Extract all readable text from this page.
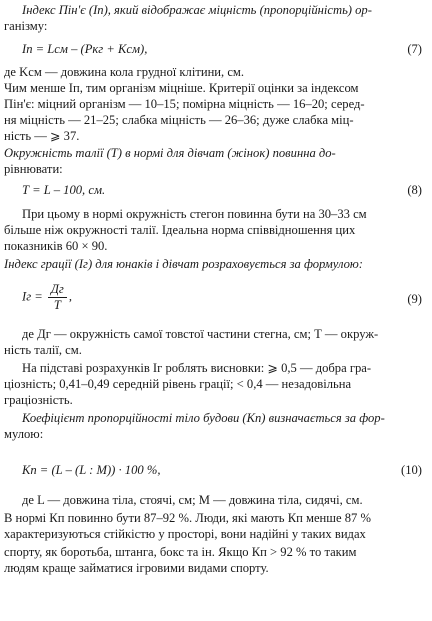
Індекс Пін'є (Iп), який відображає міцність (пропорційність) ор-
ганізму:
Iп = Lсм – (Ркг + Kсм),	(7)
де Kсм — довжина кола грудної клітини, см.
Чим менше Iп, тим організм міцніше. Критерії оцінки за індексом
Пін'є: міцний організм — 10–15; помірна міцність — 16–20; серед-
ня міцність — 21–25; слабка міцність — 26–36; дуже слабка міц-
ність — ⩾ 37.
Окружність талії (Т) в нормі для дівчат (жінок) повинна до-
рівнювати:
Т = L – 100, см.	(8)
При цьому в нормі окружність стегон повинна бути на 30–33 см
більше ніж окружності талії. Ідеальна норма співвідношення цих
показників 60 × 90.
Індекс грації (Iг) для юнаків і дівчат розраховується за формулою:
Iг = $\frac{Дг}{Т}$ ,	(9)
де Дг — окружність самої товстої частини стегна, см; Т — окруж-
ність талії, см.
На підставі розрахунків Iг роблять висновки: ⩾ 0,5 — добра гра-
ціозність; 0,41–0,49 середній рівень грації; < 0,4 — незадовільна
граціозність.
Коефіцієнт пропорційності тіло будови (Кп) визначається за фор-
мулою:
Кп = (L – (L : M)) · 100 %,	(10)
де L — довжина тіла, стоячі, см; M — довжина тіла, сидячі, см.
В нормі Кп повинно бути 87–92 %. Люди, які мають Кп менше 87 %
характеризуються стійкістю у просторі, вони надійні у таких видах
спорту, як боротьба, штанга, бокс та ін. Якщо Кп > 92 % то таким
людям краще займатися ігровими видами спорту.
